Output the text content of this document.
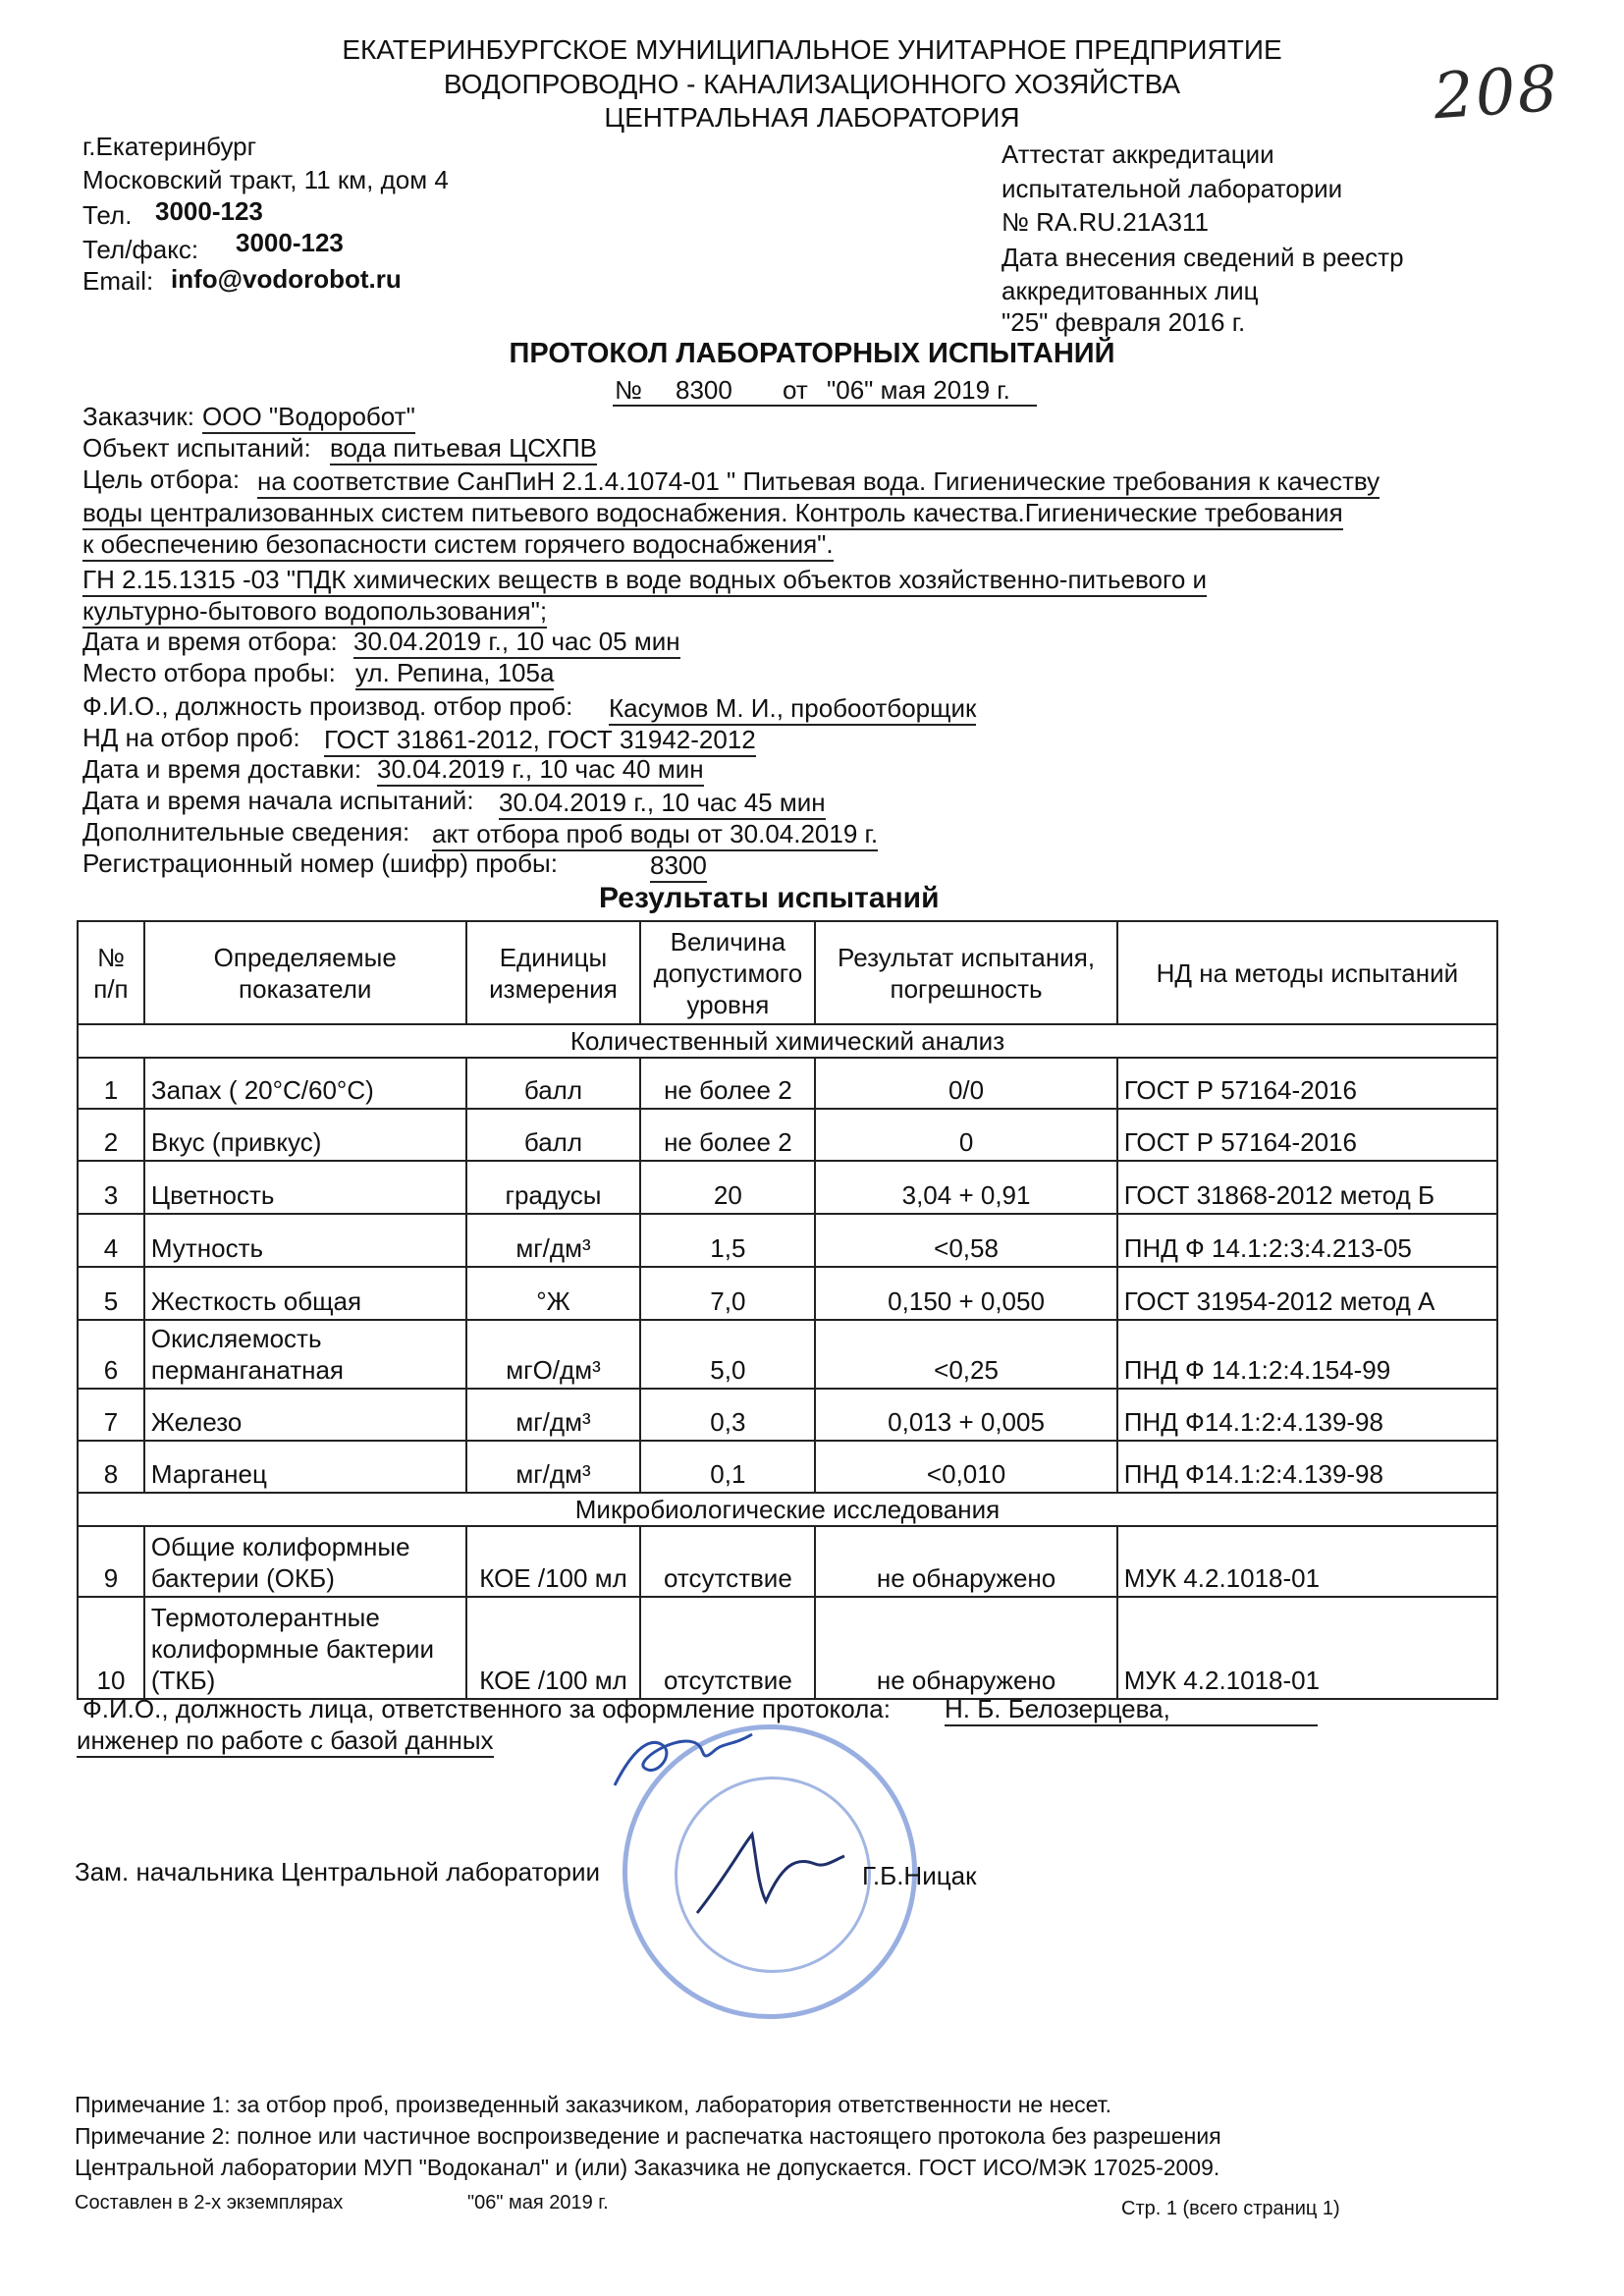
ЕКАТЕРИНБУРГСКОЕ МУНИЦИПАЛЬНОЕ УНИТАРНОЕ ПРЕДПРИЯТИЕ
ВОДОПРОВОДНО - КАНАЛИЗАЦИОННОГО ХОЗЯЙСТВА
ЦЕНТРАЛЬНАЯ ЛАБОРАТОРИЯ	208
г.Екатеринбург
Московский тракт, 11 км, дом 4
Тел. 3000-123
Тел/факс: 3000-123
Email: info@vodorobot.ru
Аттестат аккредитации
испытательной лаборатории
№ RA.RU.21A311
Дата внесения сведений в реестр
аккредитованных лиц
"25" февраля 2016 г.
ПРОТОКОЛ ЛАБОРАТОРНЫХ ИСПЫТАНИЙ
№ 8300 от "06" мая 2019 г.
Заказчик: ООО "Водоробот"
Объект испытаний: вода питьевая ЦСХПВ
Цель отбора: на соответствие СанПиН 2.1.4.1074-01 " Питьевая вода. Гигиенические требования к качеству
воды централизованных систем питьевого водоснабжения. Контроль качества.Гигиенические требования
к обеспечению безопасности систем горячего водоснабжения".
ГН 2.15.1315 -03 "ПДК химических веществ в воде водных объектов хозяйственно-питьевого и
культурно-бытового водопользования";
Дата и время отбора: 30.04.2019 г., 10 час 05 мин
Место отбора пробы: ул. Репина, 105а
Ф.И.О., должность производ. отбор проб: Касумов М. И., пробоотборщик
НД на отбор проб: ГОСТ 31861-2012, ГОСТ 31942-2012
Дата и время доставки: 30.04.2019 г., 10 час 40 мин
Дата и время начала испытаний: 30.04.2019 г., 10 час 45 мин
Дополнительные сведения: акт отбора проб воды от 30.04.2019 г.
Регистрационный номер (шифр) пробы:	8300
Результаты испытаний
№ п/п	Определяемые показатели	Единицы измерения	Величина допустимого уровня	Результат испытания, погрешность	НД на методы испытаний
Количественный химический анализ					
1	Запах ( 20°С/60°С)	балл	не более 2	0/0	ГОСТ Р 57164-2016
2	Вкус (привкус)	балл	не более 2	0	ГОСТ Р 57164-2016
3	Цветность	градусы	20	3,04 + 0,91	ГОСТ 31868-2012 метод Б
4	Мутность	мг/дм³	1,5	<0,58	ПНД Ф 14.1:2:3:4.213-05
5	Жесткость общая	°Ж	7,0	0,150 + 0,050	ГОСТ 31954-2012 метод А
6	Окисляемость
перманганатная	мгО/дм³	5,0	<0,25	ПНД Ф 14.1:2:4.154-99
7	Железо	мг/дм³	0,3	0,013 + 0,005	ПНД Ф14.1:2:4.139-98
8	Марганец	мг/дм³	0,1	<0,010	ПНД Ф14.1:2:4.139-98
Микробиологические исследования					
9	Общие колиформные
бактерии (ОКБ)	КОЕ /100 мл	отсутствие	не обнаружено	МУК 4.2.1018-01
10	Термотолерантные
колиформные бактерии
(ТКБ)	КОЕ /100 мл	отсутствие	не обнаружено	МУК 4.2.1018-01
Ф.И.О., должность лица, ответственного за оформление протокола: Н. Б. Белозерцева,
инженер по работе с базой данных
Зам. начальника Центральной лаборатории	Г.Б.Ницак
Примечание 1: за отбор проб, произведенный заказчиком, лаборатория ответственности не несет.
Примечание 2: полное или частичное воспроизведение и распечатка настоящего протокола без разрешения
Центральной лаборатории МУП "Водоканал" и (или) Заказчика не допускается. ГОСТ ИСО/МЭК 17025-2009.
Составлен в 2-х экземплярах	"06" мая 2019 г.	Стр. 1 (всего страниц 1)
